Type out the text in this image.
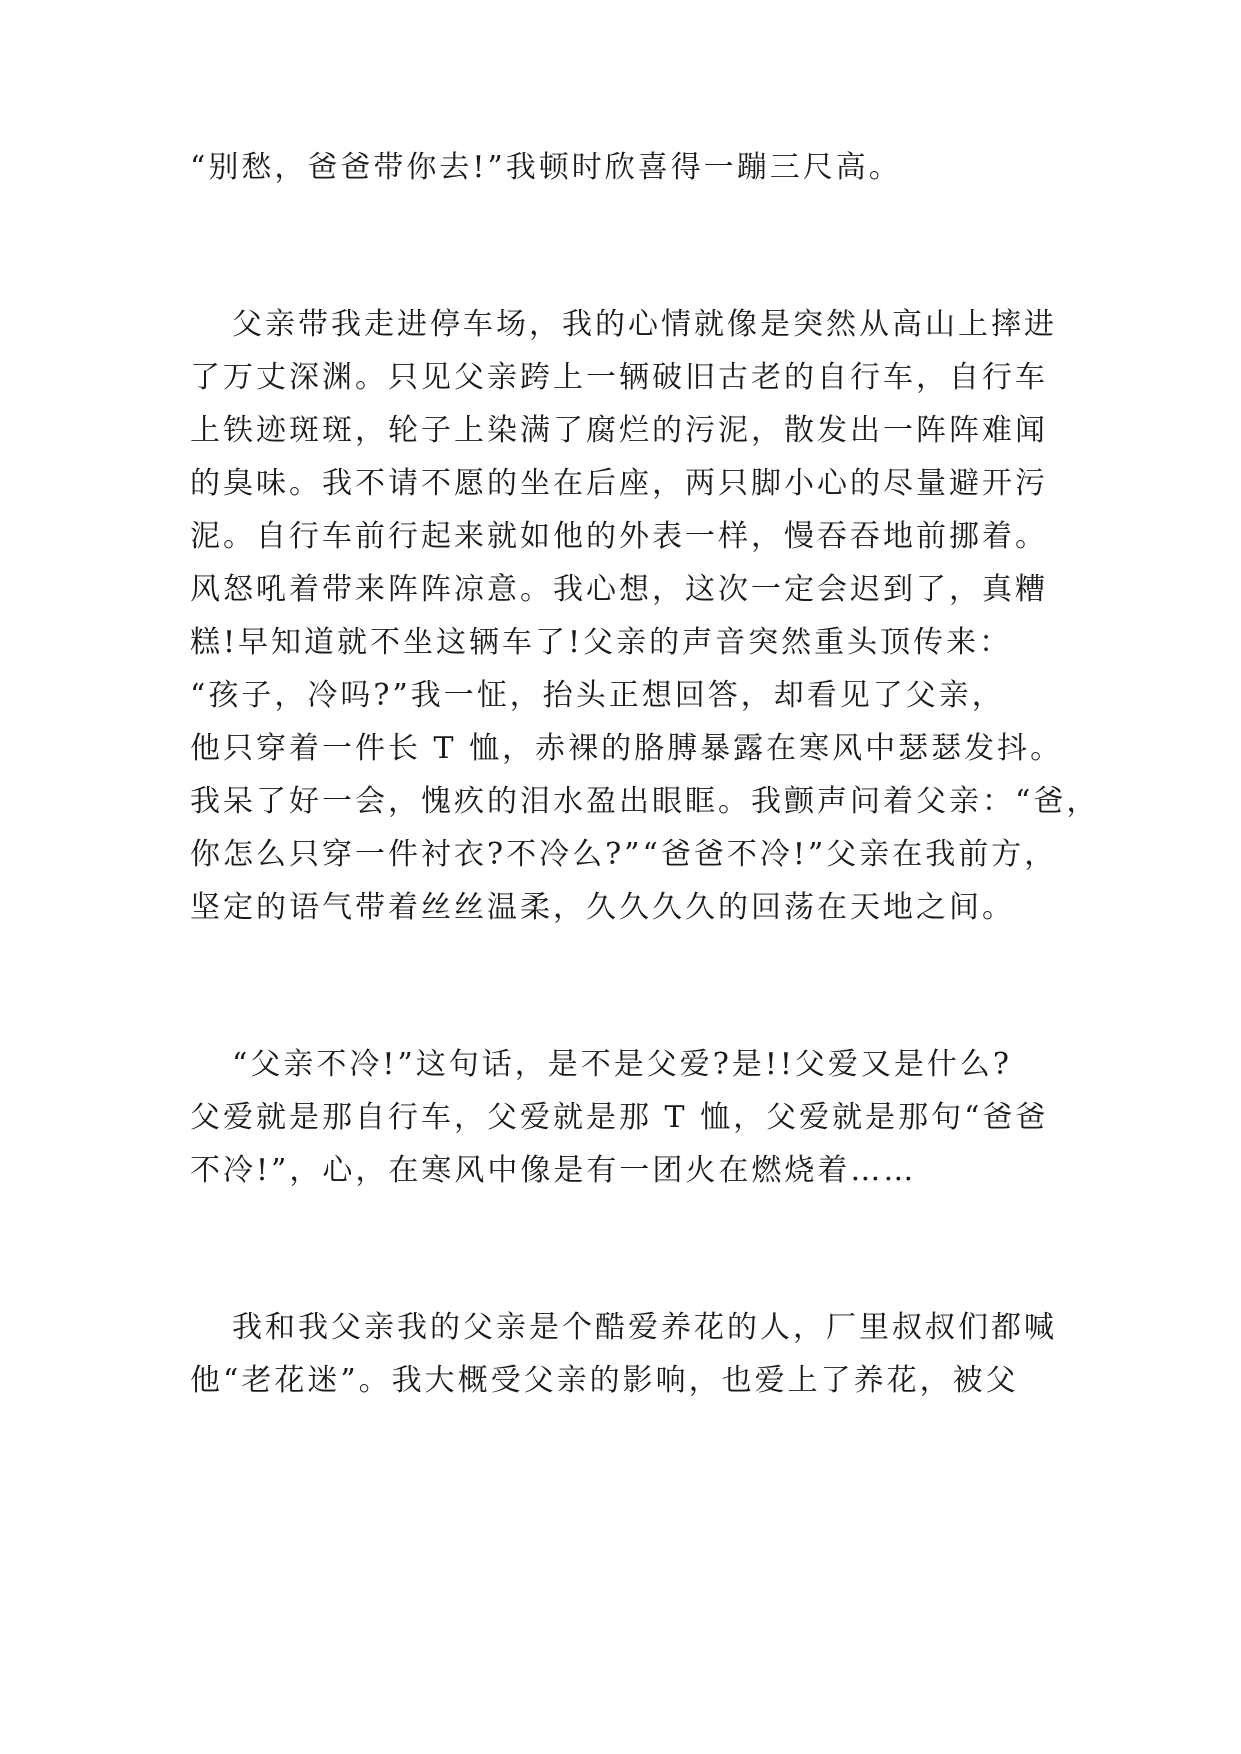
“别愁，爸爸带你去!”我顿时欣喜得一蹦三尺高。
父亲带我走进停车场，我的心情就像是突然从高山上摔进
了万丈深渊。只见父亲跨上一辆破旧古老的自行车，自行车
上铁迹斑斑，轮子上染满了腐烂的污泥，散发出一阵阵难闻
的臭味。我不请不愿的坐在后座，两只脚小心的尽量避开污
泥。自行车前行起来就如他的外表一样，慢吞吞地前挪着。
风怒吼着带来阵阵凉意。我心想，这次一定会迟到了，真糟
糕!早知道就不坐这辆车了!父亲的声音突然重头顶传来：
“孩子，冷吗?”我一怔，抬头正想回答，却看见了父亲，
他只穿着一件长 T 恤，赤裸的胳膊暴露在寒风中瑟瑟发抖。
我呆了好一会，愧疚的泪水盈出眼眶。我颤声问着父亲：“爸，
你怎么只穿一件衬衣?不冷么?”“爸爸不冷!”父亲在我前方，
坚定的语气带着丝丝温柔，久久久久的回荡在天地之间。
“父亲不冷!”这句话，是不是父爱?是!!父爱又是什么?
父爱就是那自行车，父爱就是那 T 恤，父爱就是那句“爸爸
不冷!”，心，在寒风中像是有一团火在燃烧着……
我和我父亲我的父亲是个酷爱养花的人，厂里叔叔们都喊
他“老花迷”。我大概受父亲的影响，也爱上了养花，被父
